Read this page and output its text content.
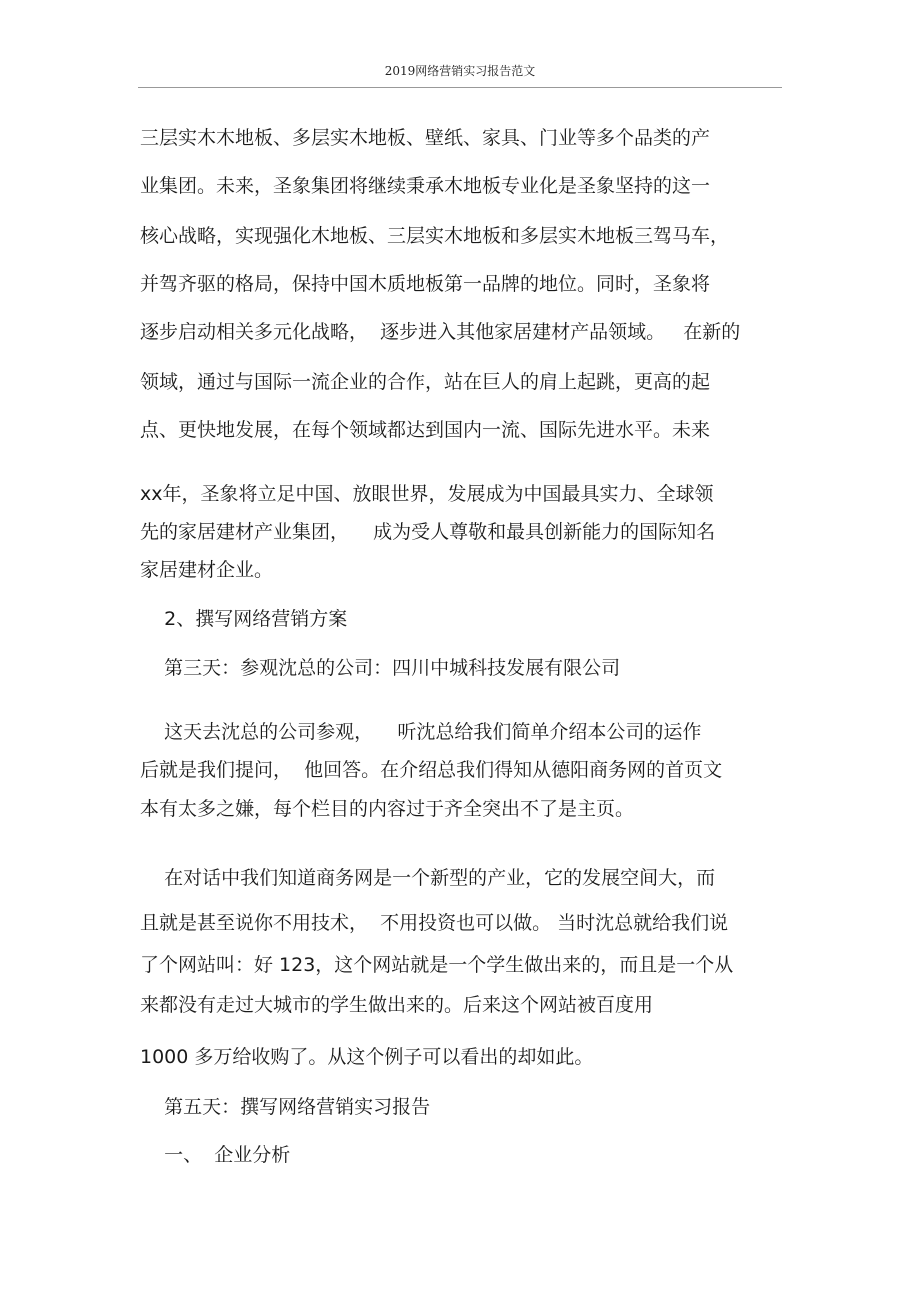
2019网络营销实习报告范文

三层实木木地板、多层实木地板、壁纸、家具、门业等多个品类的产

业集团。未来，圣象集团将继续秉承木地板专业化是圣象坚持的这一

核心战略，实现强化木地板、三层实木地板和多层实木地板三驾马车，

并驾齐驱的格局，保持中国木质地板第一品牌的地位。同时，圣象将

逐步启动相关多元化战略，  逐步进入其他家居建材产品领域。   在新的

领域，通过与国际一流企业的合作，站在巨人的肩上起跳，更高的起

点、更快地发展，在每个领域都达到国内一流、国际先进水平。未来

xx年，圣象将立足中国、放眼世界，发展成为中国最具实力、全球领

先的家居建材产业集团，    成为受人尊敬和最具创新能力的国际知名

家居建材企业。

2、撰写网络营销方案

第三天：参观沈总的公司：四川中城科技发展有限公司

这天去沈总的公司参观，    听沈总给我们简单介绍本公司的运作

后就是我们提问，  他回答。在介绍总我们得知从德阳商务网的首页文

本有太多之嫌，每个栏目的内容过于齐全突出不了是主页。

在对话中我们知道商务网是一个新型的产业，它的发展空间大，而

且就是甚至说你不用技术，  不用投资也可以做。 当时沈总就给我们说

了个网站叫：好 123，这个网站就是一个学生做出来的，而且是一个从

来都没有走过大城市的学生做出来的。后来这个网站被百度用

1000 多万给收购了。从这个例子可以看出的却如此。

第五天：撰写网络营销实习报告

一、  企业分析
